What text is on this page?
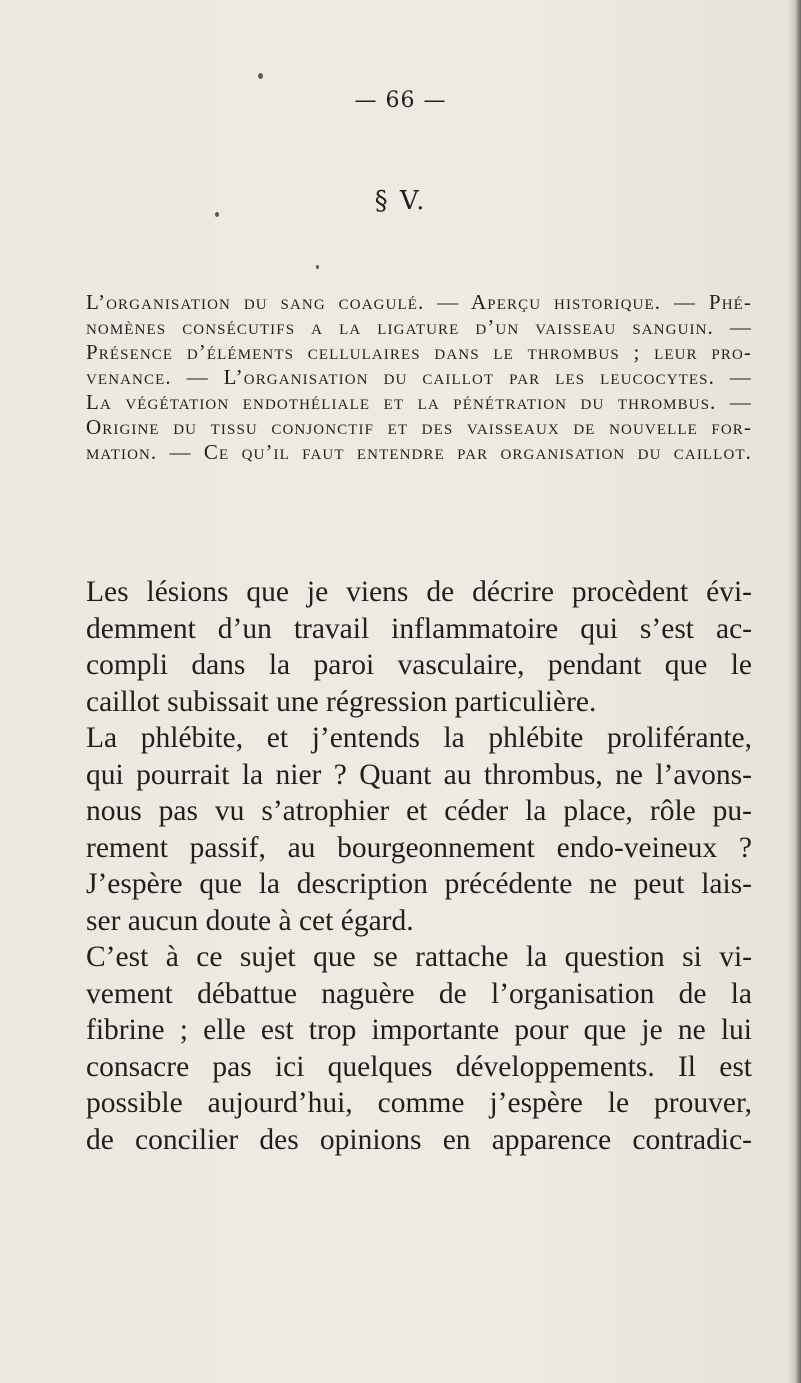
— 66 —
§ V.
L’organisation du sang coagulé. — Aperçu historique. — Phé-
nomènes consécutifs a la ligature d’un vaisseau sanguin. —
Présence d’éléments cellulaires dans le thrombus ; leur pro-
venance. — L’organisation du caillot par les leucocytes. —
La végétation endothéliale et la pénétration du thrombus. —
Origine du tissu conjonctif et des vaisseaux de nouvelle for-
mation. — Ce qu’il faut entendre par organisation du caillot.
Les lésions que je viens de décrire procèdent évi-
demment d’un travail inflammatoire qui s’est ac-
compli dans la paroi vasculaire, pendant que le
caillot subissait une régression particulière.
La phlébite, et j’entends la phlébite proliférante,
qui pourrait la nier ? Quant au thrombus, ne l’avons-
nous pas vu s’atrophier et céder la place, rôle pu-
rement passif, au bourgeonnement endo-veineux ?
J’espère que la description précédente ne peut lais-
ser aucun doute à cet égard.
C’est à ce sujet que se rattache la question si vi-
vement débattue naguère de l’organisation de la
fibrine ; elle est trop importante pour que je ne lui
consacre pas ici quelques développements. Il est
possible aujourd’hui, comme j’espère le prouver,
de concilier des opinions en apparence contradic-
